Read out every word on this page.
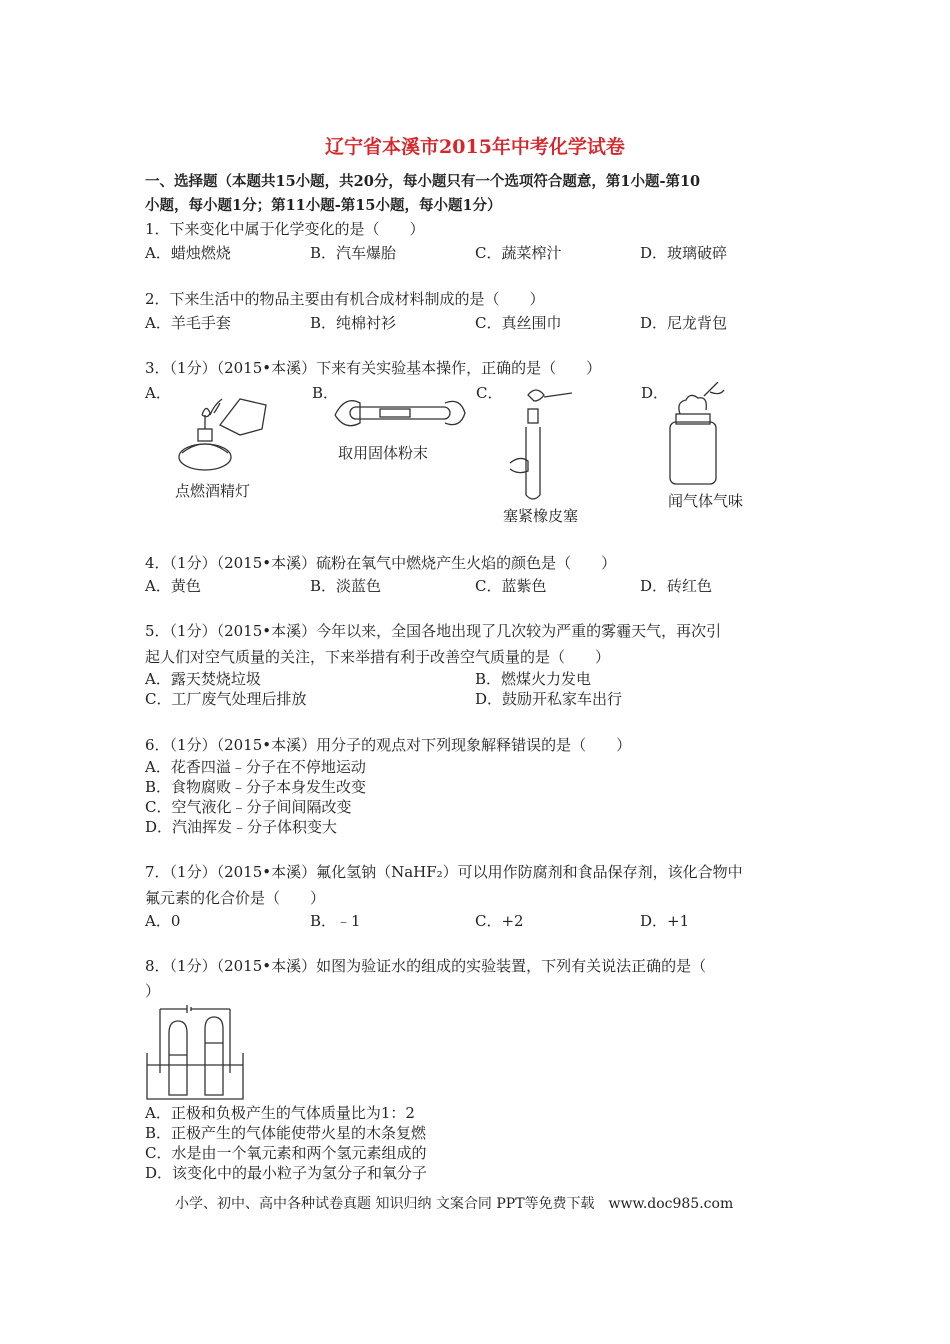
辽宁省本溪市2015年中考化学试卷
一、选择题（本题共15小题，共20分，每小题只有一个选项符合题意，第1小题-第10
小题，每小题1分；第11小题-第15小题，每小题1分）
1．下来变化中属于化学变化的是（　　）
A．蜡烛燃烧	B．汽车爆胎	C．蔬菜榨汁	D．玻璃破碎
2．下来生活中的物品主要由有机合成材料制成的是（　　）
A．羊毛手套	B．纯棉衬衫	C．真丝围巾	D．尼龙背包
3．（1分）（2015•本溪）下来有关实验基本操作，正确的是（　　）
A．	B．	C．	D．
点燃酒精灯
取用固体粉末
塞紧橡皮塞
闻气体气味
4．（1分）（2015•本溪）硫粉在氧气中燃烧产生火焰的颜色是（　　）
A．黄色	B．淡蓝色	C．蓝紫色	D．砖红色
5．（1分）（2015•本溪）今年以来，全国各地出现了几次较为严重的雾霾天气，再次引
起人们对空气质量的关注，下来举措有利于改善空气质量的是（　　）
A．露天焚烧垃圾	B．燃煤火力发电
C．工厂废气处理后排放	D．鼓励开私家车出行
6．（1分）（2015•本溪）用分子的观点对下列现象解释错误的是（　　）
A．花香四溢﹣分子在不停地运动
B．食物腐败﹣分子本身发生改变
C．空气液化﹣分子间间隔改变
D．汽油挥发﹣分子体积变大
7．（1分）（2015•本溪）氟化氢钠（NaHF₂）可以用作防腐剂和食品保存剂，该化合物中
氟元素的化合价是（　　）
A．0	B．﹣1	C．+2	D．+1
8．（1分）（2015•本溪）如图为验证水的组成的实验装置，下列有关说法正确的是（
）
A．正极和负极产生的气体质量比为1：2
B．正极产生的气体能使带火星的木条复燃
C．水是由一个氧元素和两个氢元素组成的
D．该变化中的最小粒子为氢分子和氧分子
小学、初中、高中各种试卷真题 知识归纳 文案合同 PPT等免费下载　www.doc985.com
